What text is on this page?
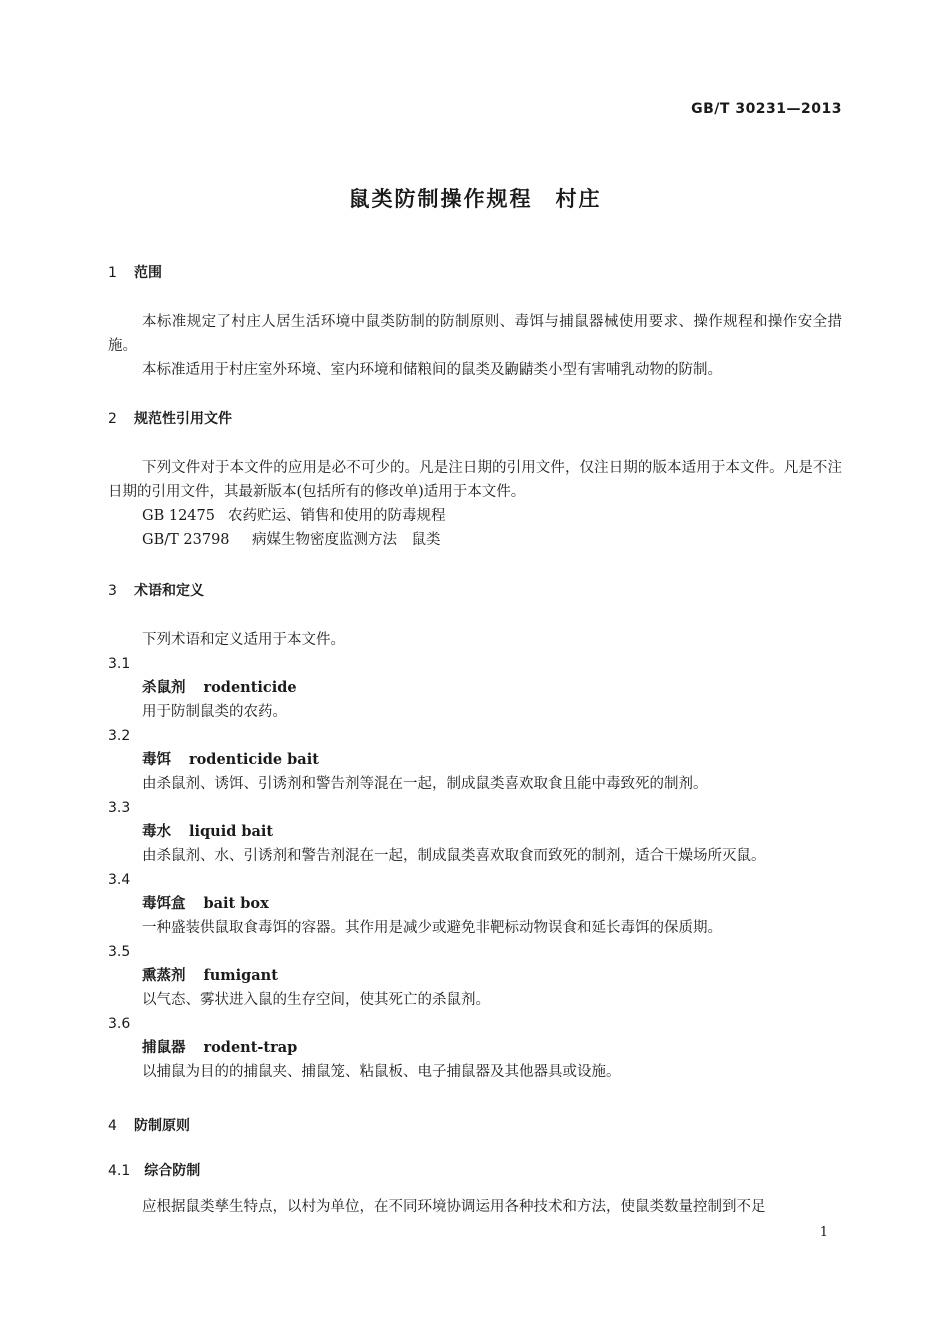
GB/T 30231—2013
鼠类防制操作规程　村庄
1 范围

本标准规定了村庄人居生活环境中鼠类防制的防制原则、毒饵与捕鼠器械使用要求、操作规程和操作安全措施。

本标准适用于村庄室外环境、室内环境和储粮间的鼠类及鼩鼱类小型有害哺乳动物的防制。

2 规范性引用文件

下列文件对于本文件的应用是必不可少的。凡是注日期的引用文件，仅注日期的版本适用于本文件。凡是不注日期的引用文件，其最新版本(包括所有的修改单)适用于本文件。

GB 12475 农药贮运、销售和使用的防毒规程
GB/T 23798 病媒生物密度监测方法　鼠类
3 术语和定义
下列术语和定义适用于本文件。
3.1
杀鼠剂 rodenticide
用于防制鼠类的农药。
3.2
毒饵 rodenticide bait
由杀鼠剂、诱饵、引诱剂和警告剂等混在一起，制成鼠类喜欢取食且能中毒致死的制剂。
3.3
毒水 liquid bait
由杀鼠剂、水、引诱剂和警告剂混在一起，制成鼠类喜欢取食而致死的制剂，适合干燥场所灭鼠。
3.4
毒饵盒 bait box
一种盛装供鼠取食毒饵的容器。其作用是减少或避免非靶标动物误食和延长毒饵的保质期。
3.5
熏蒸剂 fumigant
以气态、雾状进入鼠的生存空间，使其死亡的杀鼠剂。
3.6
捕鼠器 rodent-trap
以捕鼠为目的的捕鼠夹、捕鼠笼、粘鼠板、电子捕鼠器及其他器具或设施。
4 防制原则
4.1 综合防制

应根据鼠类孳生特点，以村为单位，在不同环境协调运用各种技术和方法，使鼠类数量控制到不足

1
